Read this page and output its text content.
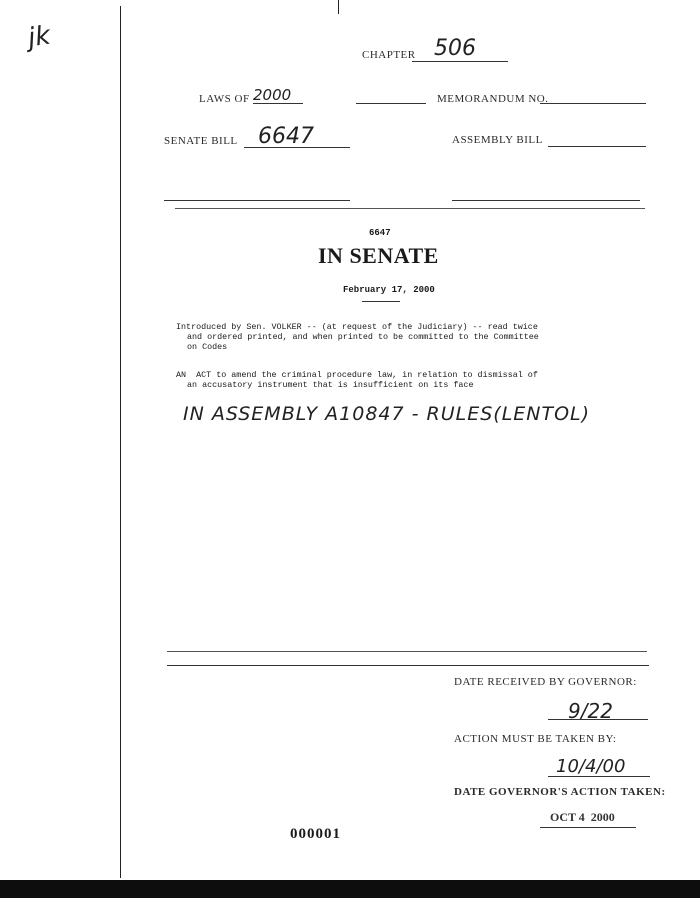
jk
CHAPTER 506
LAWS OF 2000	MEMORANDUM NO.
SENATE BILL 6647	ASSEMBLY BILL
6647
IN SENATE
February 17, 2000
Introduced by Sen. VOLKER -- (at request of the Judiciary) -- read twice
and ordered printed, and when printed to be committed to the Committee
on Codes
AN  ACT to amend the criminal procedure law, in relation to dismissal of
an accusatory instrument that is insufficient on its face
IN ASSEMBLY A10847 - RULES(LENTOL)
DATE RECEIVED BY GOVERNOR:
9/22
ACTION MUST BE TAKEN BY:
10/4/00
DATE GOVERNOR'S ACTION TAKEN:
OCT 4  2000
000001
